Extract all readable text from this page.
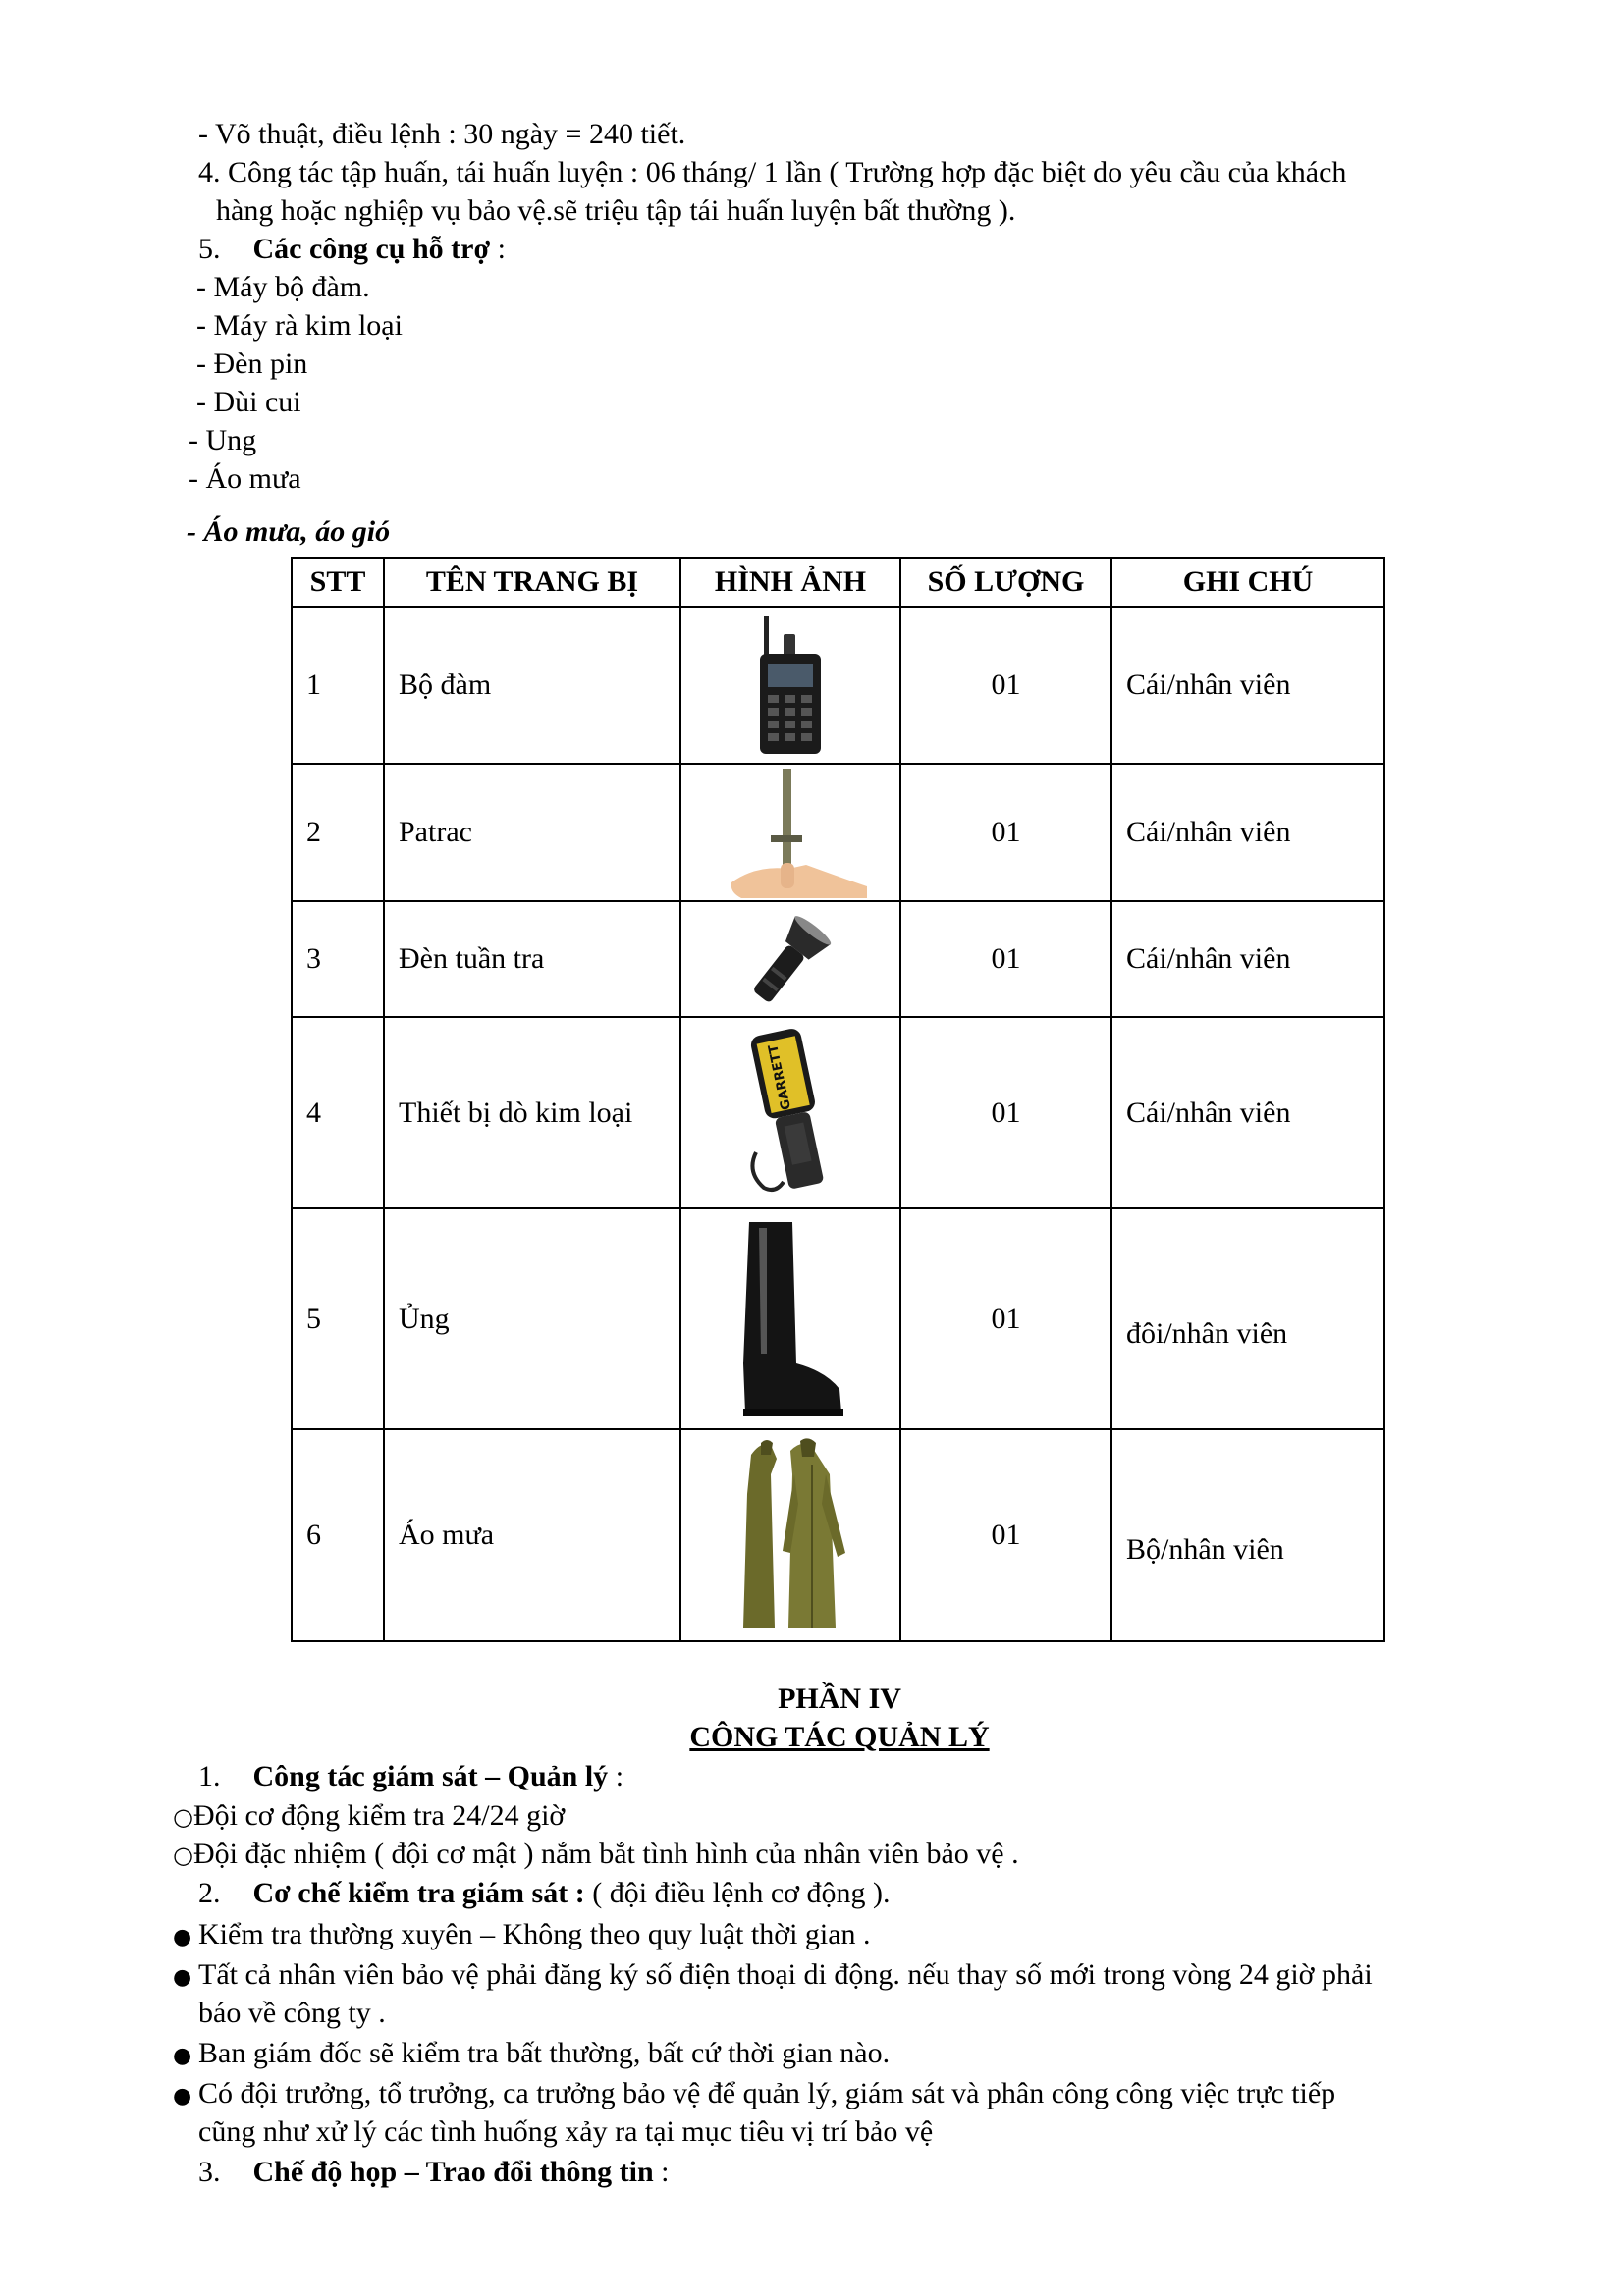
- Võ thuật, điều lệnh : 30 ngày = 240 tiết.
4. Công tác tập huấn, tái huấn luyện : 06 tháng/ 1 lần ( Trường hợp đặc biệt do yêu cầu của khách
hàng hoặc nghiệp vụ bảo vệ.sẽ triệu tập tái huấn luyện bất thường ).
5. Các công cụ hỗ trợ :
- Máy bộ đàm.
- Máy rà kim loại
- Đèn pin
- Dùi cui
- Ung
- Áo mưa
- Áo mưa, áo gió
STT	TÊN TRANG BỊ	HÌNH ẢNH	SỐ LƯỢNG	GHI CHÚ
1	Bộ đàm		01	Cái/nhân viên
2	Patrac		01	Cái/nhân viên
3	Đèn tuần tra		01	Cái/nhân viên
4	Thiết bị dò kim loại	GARRETT	01	Cái/nhân viên
5	Ủng		01	đôi/nhân viên
6	Áo mưa		01	Bộ/nhân viên
PHẦN IV
CÔNG TÁC QUẢN LÝ
1. Công tác giám sát – Quản lý :
○Đội cơ động kiểm tra 24/24 giờ
○Đội đặc nhiệm ( đội cơ mật ) nắm bắt tình hình của nhân viên bảo vệ .
2. Cơ chế kiểm tra giám sát : ( đội điều lệnh cơ động ).
● Kiểm tra thường xuyên – Không theo quy luật thời gian .
● Tất cả nhân viên bảo vệ phải đăng ký số điện thoại di động. nếu thay số mới trong vòng 24 giờ phải
báo về công ty .
● Ban giám đốc sẽ kiểm tra bất thường, bất cứ thời gian nào.
● Có đội trưởng, tổ trưởng, ca trưởng bảo vệ để quản lý, giám sát và phân công công việc trực tiếp
cũng như xử lý các tình huống xảy ra tại mục tiêu vị trí bảo vệ
3. Chế độ họp – Trao đổi thông tin :
